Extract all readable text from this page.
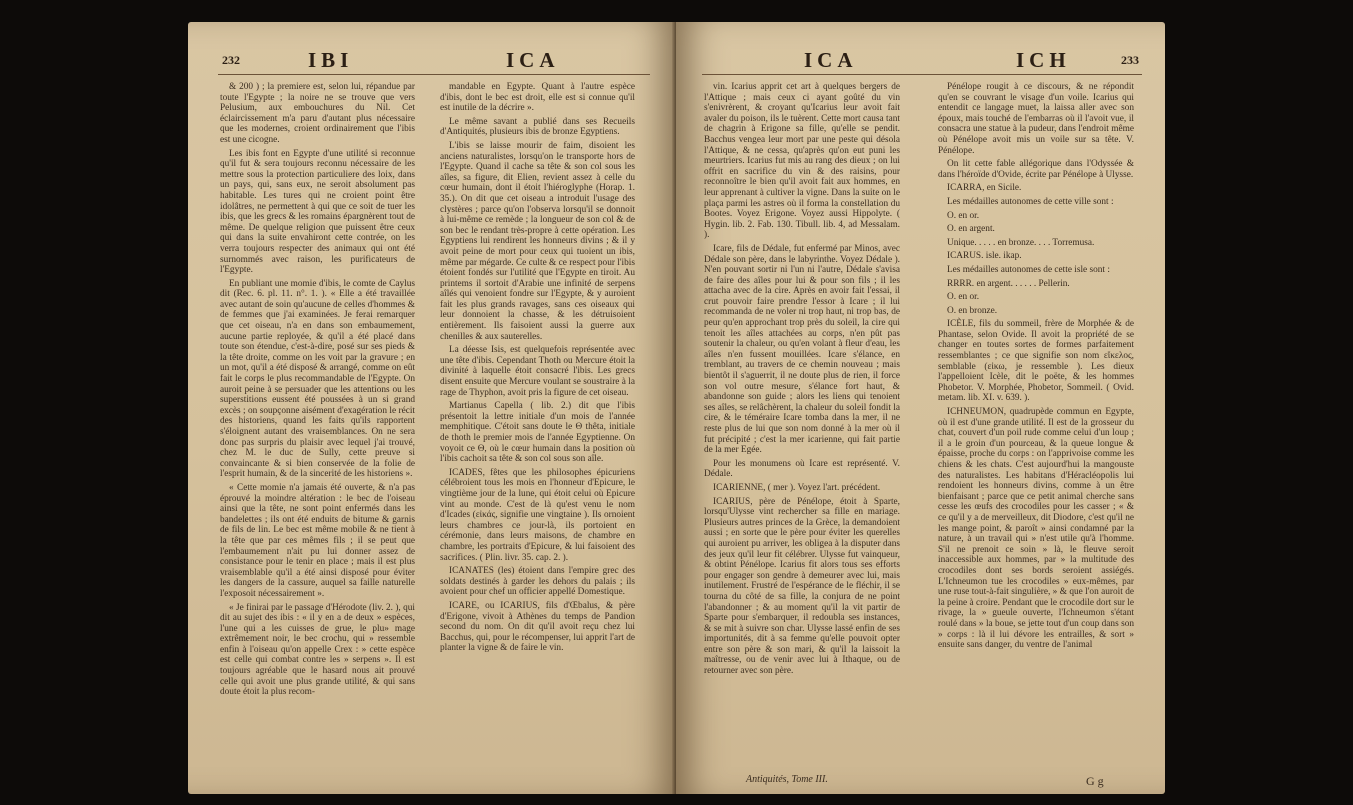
232	IBI	ICA

& 200 ) ; la premiere est, selon lui, répandue par toute l'Egypte ; la noire ne se trouve que vers Pelusium, aux embouchures du Nil. Cet éclaircissement m'a paru d'autant plus nécessaire que les modernes, croient ordinairement que l'ibis est une cicogne.

Les ibis font en Egypte d'une utilité si reconnue qu'il fut & sera toujours reconnu nécessaire de les mettre sous la protection particuliere des loix, dans un pays, qui, sans eux, ne seroit absolument pas habitable. Les tures qui ne croient point être idolâtres, ne permettent à qui que ce soit de tuer les ibis, que les grecs & les romains épargnèrent tout de même. De quelque religion que puissent être ceux qui dans la suite envahiront cette contrée, on les verra toujours respecter des animaux qui ont été surnommés avec raison, les purificateurs de l'Egypte.

En publiant une momie d'ibis, le comte de Caylus dit (Rec. 6. pl. 11. n°. 1. ). « Elle a été travaillée avec autant de soin qu'aucune de celles d'hommes & de femmes que j'ai examinées. Je ferai remarquer que cet oiseau, n'a en dans son embaumement, aucune partie reployée, & qu'il a été placé dans toute son étendue, c'est-à-dire, posé sur ses pieds & la tête droite, comme on les voit par la gravure ; en un mot, qu'il a été disposé & arrangé, comme on eût fait le corps le plus recommandable de l'Egypte. On auroit peine à se persuader que les attentions ou les superstitions eussent été poussées à un si grand excès ; on soupçonne aisément d'exagération le récit des historiens, quand les faits qu'ils rapportent s'éloignent autant des vraisemblances. On ne sera donc pas surpris du plaisir avec lequel j'ai trouvé, chez M. le duc de Sully, cette preuve si convaincante & si bien conservée de la folie de l'esprit humain, & de la sincerité de les historiens ».

« Cette momie n'a jamais été ouverte, & n'a pas éprouvé la moindre altération : le bec de l'oiseau ainsi que la tête, ne sont point enfermés dans les bandelettes ; ils ont été enduits de bitume & garnis de fils de lin. Le bec est même mobile & ne tient à la tête que par ces mêmes fils ; il se peut que l'embaumement n'ait pu lui donner assez de consistance pour le tenir en place ; mais il est plus vraisemblable qu'il a été ainsi disposé pour éviter les dangers de la cassure, auquel sa faille naturelle l'exposoit nécessairement ».

« Je finirai par le passage d'Hérodote (liv. 2. ), qui dit au sujet des ibis : « il y en a de deux » espèces, l'une qui a les cuisses de grue, le plu» mage extrêmement noir, le bec crochu, qui » ressemble enfin à l'oiseau qu'on appelle Crex : » cette espèce est celle qui combat contre les » serpens ». Il est toujours agréable que le hasard nous ait prouvé celle qui avoit une plus grande utilité, & qui sans doute étoit la plus recom-

mandable en Egypte. Quant à l'autre espèce d'ibis, dont le bec est droit, elle est si connue qu'il est inutile de la décrire ».

Le même savant a publié dans ses Recueils d'Antiquités, plusieurs ibis de bronze Egyptiens.

L'ibis se laisse mourir de faim, disoient les anciens naturalistes, lorsqu'on le transporte hors de l'Egypte. Quand il cache sa tête & son col sous les aîles, sa figure, dit Elien, revient assez à celle du cœur humain, dont il étoit l'hiéroglyphe (Horap. 1. 35.). On dit que cet oiseau a introduit l'usage des clystères ; parce qu'on l'observa lorsqu'il se donnoit à lui-même ce remède ; la longueur de son col & de son bec le rendant très-propre à cette opération. Les Egyptiens lui rendirent les honneurs divins ; & il y avoit peine de mort pour ceux qui tuoient un ibis, même par mégarde. Ce culte & ce respect pour l'ibis étoient fondés sur l'utilité que l'Egypte en tiroit. Au printems il sortoit d'Arabie une infinité de serpens aîlés qui venoient fondre sur l'Egypte, & y auroient fait les plus grands ravages, sans ces oiseaux qui leur donnoient la chasse, & les détruisoient entièrement. Ils faisoient aussi la guerre aux chenilles & aux sauterelles.

La déesse Isis, est quelquefois représentée avec une tête d'ibis. Cependant Thoth ou Mercure étoit la divinité à laquelle étoit consacré l'ibis. Les grecs disent ensuite que Mercure voulant se soustraire à la rage de Thyphon, avoit pris la figure de cet oiseau.

Martianus Capella ( lib. 2.) dit que l'ibis présentoit la lettre initiale d'un mois de l'année memphitique. C'étoit sans doute le Θ thêta, initiale de thoth le premier mois de l'année Egyptienne. On voyoit ce Θ, où le cœur humain dans la position où l'ibis cachoit sa tête & son col sous son aîle.

ICADES, fêtes que les philosophes épicuriens célébroient tous les mois en l'honneur d'Epicure, le vingtième jour de la lune, qui étoit celui où Epicure vint au monde. C'est de là qu'est venu le nom d'Icades (εἰκάς, signifie une vingtaine ). Ils ornoient leurs chambres ce jour-là, ils portoient en cérémonie, dans leurs maisons, de chambre en chambre, les portraits d'Epicure, & lui faisoient des sacrifices. ( Plin. livr. 35. cap. 2. ).

ICANATES (les) étoient dans l'empire grec des soldats destinés à garder les dehors du palais ; ils avoient pour chef un officier appellé Domestique.

ICARE, ou ICARIUS, fils d'Œbalus, & père d'Erigone, vivoit à Athènes du temps de Pandion second du nom. On dit qu'il avoit reçu chez lui Bacchus, qui, pour le récompenser, lui apprit l'art de planter la vigne & de faire le vin.

ICA	ICH	233

vin. Icarius apprit cet art à quelques bergers de l'Attique ; mais ceux ci ayant goûté du vin s'enivrèrent, & croyant qu'Icarius leur avoit fait avaler du poison, ils le tuèrent. Cette mort causa tant de chagrin à Erigone sa fille, qu'elle se pendit. Bacchus vengea leur mort par une peste qui désola l'Attique, & ne cessa, qu'après qu'on eut puni les meurtriers. Icarius fut mis au rang des dieux ; on lui offrit en sacrifice du vin & des raisins, pour reconnoître le bien qu'il avoit fait aux hommes, en leur apprenant à cultiver la vigne. Dans la suite on le plaça parmi les astres où il forma la constellation du Bootes. Voyez Erigone. Voyez aussi Hippolyte. ( Hygin. lib. 2. Fab. 130. Tibull. lib. 4, ad Messalam. ).

Icare, fils de Dédale, fut enfermé par Minos, avec Dédale son père, dans le labyrinthe. Voyez Dédale ). N'en pouvant sortir ni l'un ni l'autre, Dédale s'avisa de faire des aîles pour lui & pour son fils ; il les attacha avec de la cire. Après en avoir fait l'essai, il crut pouvoir faire prendre l'essor à Icare ; il lui recommanda de ne voler ni trop haut, ni trop bas, de peur qu'en approchant trop près du soleil, la cire qui tenoit les aîles attachées au corps, n'en pût pas soutenir la chaleur, ou qu'en volant à fleur d'eau, les aîles n'en fussent mouillées. Icare s'élance, en tremblant, au travers de ce chemin nouveau ; mais bientôt il s'aguerrit, il ne doute plus de rien, il force son vol outre mesure, s'élance fort haut, & abandonne son guide ; alors les liens qui tenoient ses aîles, se relâchèrent, la chaleur du soleil fondit la cire, & le téméraire Icare tomba dans la mer, il ne reste plus de lui que son nom donné à la mer où il fut précipité ; c'est la mer icarienne, qui fait partie de la mer Egée.

Pour les monumens où Icare est représenté. V. Dédale.

ICARIENNE, ( mer ). Voyez l'art. précédent.

ICARIUS, père de Pénélope, étoit à Sparte, lorsqu'Ulysse vint rechercher sa fille en mariage. Plusieurs autres princes de la Grèce, la demandoient aussi ; en sorte que le père pour éviter les querelles qui auroient pu arriver, les obligea à la disputer dans des jeux qu'il leur fit célébrer. Ulysse fut vainqueur, & obtint Pénélope. Icarius fit alors tous ses efforts pour engager son gendre à demeurer avec lui, mais inutilement. Frustré de l'espérance de le fléchir, il se tourna du côté de sa fille, la conjura de ne point l'abandonner ; & au moment qu'il la vit partir de Sparte pour s'embarquer, il redoubla ses instances, & se mit à suivre son char. Ulysse lassé enfin de ses importunités, dit à sa femme qu'elle pouvoit opter entre son père & son mari, & qu'il la laissoit la maîtresse, ou de venir avec lui à Ithaque, ou de retourner avec son père.

Pénélope rougit à ce discours, & ne répondit qu'en se couvrant le visage d'un voile. Icarius qui entendit ce langage muet, la laissa aller avec son époux, mais touché de l'embarras où il l'avoit vue, il consacra une statue à la pudeur, dans l'endroit même où Pénélope avoit mis un voile sur sa tête. V. Pénélope.

On lit cette fable allégorique dans l'Odyssée & dans l'héroïde d'Ovide, écrite par Pénélope à Ulysse.

ICARRA, en Sicile.

Les médailles autonomes de cette ville sont :

O. en or.

O. en argent.

Unique. . . . . en bronze. . . . Torremusa.

ICARUS. isle. ikap.

Les médailles autonomes de cette isle sont :

RRRR. en argent. . . . . . Pellerin.

O. en or.

O. en bronze.

ICÈLE, fils du sommeil, frère de Morphée & de Phantase, selon Ovide. Il avoit la propriété de se changer en toutes sortes de formes parfaitement ressemblantes ; ce que signifie son nom εἴκελος, semblable (εἰκω, je ressemble ). Les dieux l'appelloient Icèle, dit le poëte, & les hommes Phobetor. V. Morphée, Phobetor, Sommeil. ( Ovid. metam. lib. XI. v. 639. ).

ICHNEUMON, quadrupède commun en Egypte, où il est d'une grande utilité. Il est de la grosseur du chat, couvert d'un poil rude comme celui d'un loup ; il a le groin d'un pourceau, & la queue longue & épaisse, proche du corps : on l'apprivoise comme les chiens & les chats. C'est aujourd'hui la mangouste des naturalistes. Les habitans d'Héracléopolis lui rendoient les honneurs divins, comme à un être bienfaisant ; parce que ce petit animal cherche sans cesse les œufs des crocodiles pour les casser ; « & ce qu'il y a de merveilleux, dit Diodore, c'est qu'il ne les mange point, & paroît » ainsi condamné par la nature, à un travail qui » n'est utile qu'à l'homme. S'il ne prenoit ce soin » là, le fleuve seroit inaccessible aux hommes, par » la multitude des crocodiles dont ses bords seroient assiégés. L'Ichneumon tue les crocodiles » eux-mêmes, par une ruse tout-à-fait singulière, » & que l'on auroit de la peine à croire. Pendant que le crocodile dort sur le rivage, la » gueule ouverte, l'Ichneumon s'étant roulé dans » la boue, se jette tout d'un coup dans son » corps : là il lui dévore les entrailles, & sort » ensuite sans danger, du ventre de l'animal

Antiquités, Tome III.	G g
